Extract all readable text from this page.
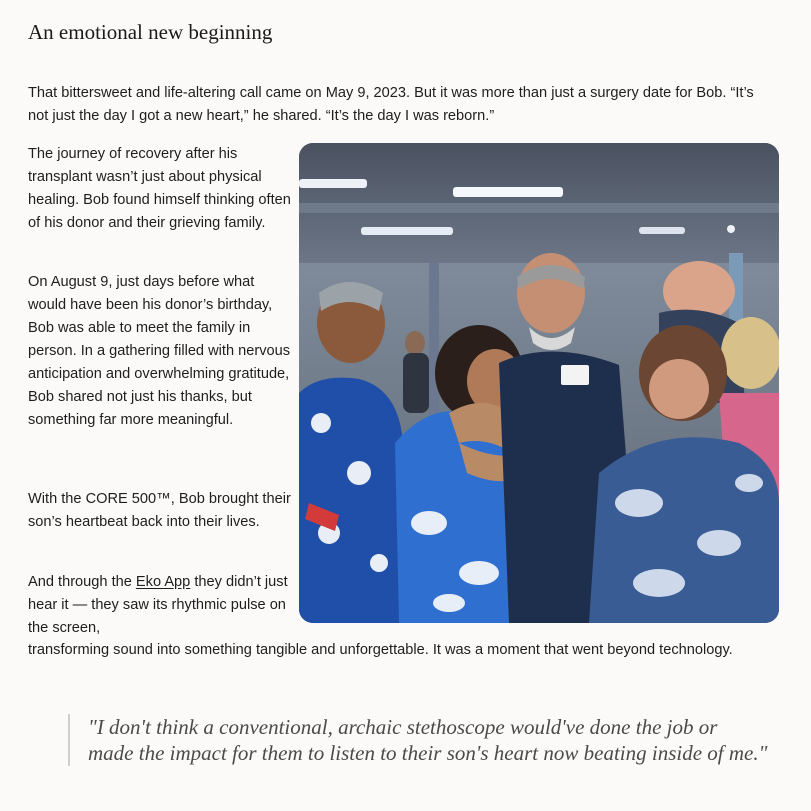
An emotional new beginning

That bittersweet and life-altering call came on May 9, 2023. But it was more than just a surgery date for Bob. “It’s not just the day I got a new heart,” he shared. “It’s the day I was reborn.”

The journey of recovery after his transplant wasn’t just about physical healing. Bob found himself thinking often of his donor and their grieving family.

On August 9, just days before what would have been his donor’s birthday, Bob was able to meet the family in person. In a gathering filled with nervous anticipation and overwhelming gratitude, Bob shared not just his thanks, but something far more meaningful.

With the CORE 500™, Bob brought their son’s heartbeat back into their lives.

And through the Eko App they didn’t just hear it — they saw its rhythmic pulse on the screen,

transforming sound into something tangible and unforgettable. It was a moment that went beyond technology.

"I don't think a conventional, archaic stethoscope would've done the job or made the impact for them to listen to their son's heart now beating inside of me."
